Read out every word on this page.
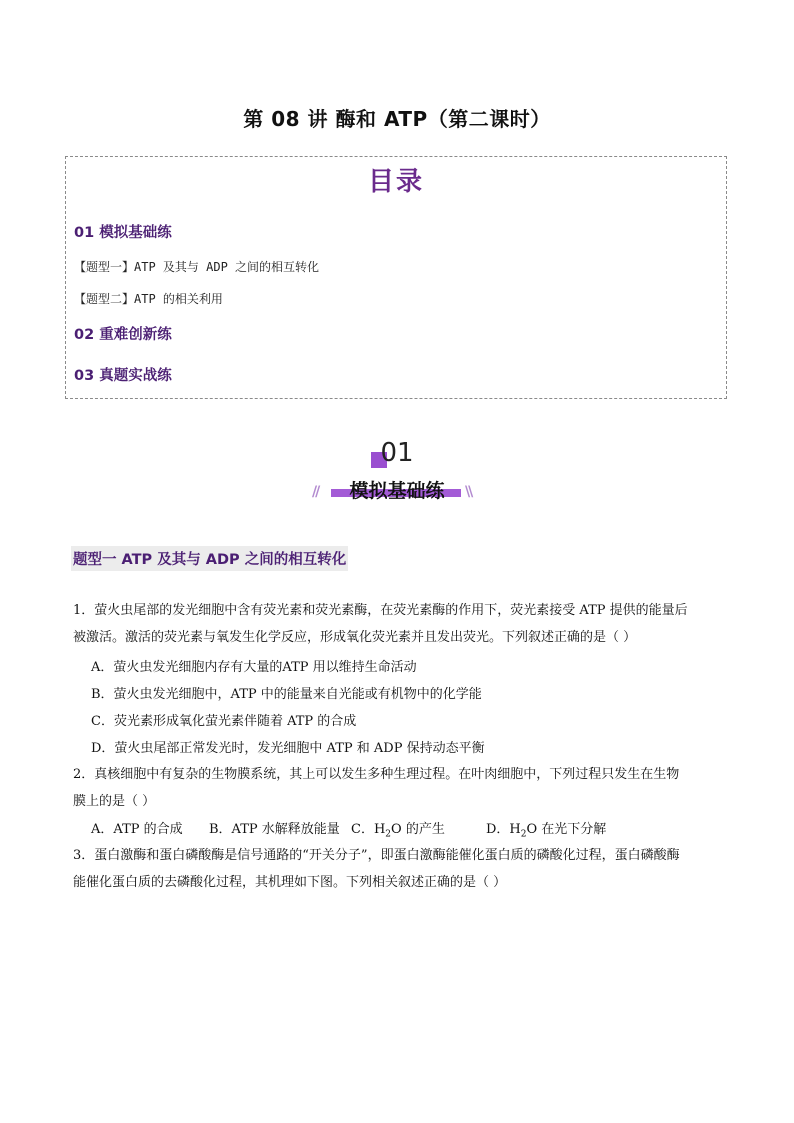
第 08 讲 酶和 ATP（第二课时）
目录
01 模拟基础练
【题型一】ATP 及其与 ADP 之间的相互转化
【题型二】ATP 的相关利用
02 重难创新练
03 真题实战练
01
模拟基础练
//	\\
题型一 ATP 及其与 ADP 之间的相互转化
1．萤火虫尾部的发光细胞中含有荧光素和荧光素酶，在荧光素酶的作用下，荧光素接受 ATP 提供的能量后
被激活。激活的荧光素与氧发生化学反应，形成氧化荧光素并且发出荧光。下列叙述正确的是（ ）
A．萤火虫发光细胞内存有大量的ATP 用以维持生命活动
B．萤火虫发光细胞中，ATP 中的能量来自光能或有机物中的化学能
C．荧光素形成氧化萤光素伴随着 ATP 的合成
D．萤火虫尾部正常发光时，发光细胞中 ATP 和 ADP 保持动态平衡
2．真核细胞中有复杂的生物膜系统，其上可以发生多种生理过程。在叶肉细胞中，下列过程只发生在生物
膜上的是（ ）
A．ATP 的合成 B．ATP 水解释放能量 C．$H_2O$ 的产生	D．$H_2O$ 在光下分解
3．蛋白激酶和蛋白磷酸酶是信号通路的“开关分子”，即蛋白激酶能催化蛋白质的磷酸化过程，蛋白磷酸酶
能催化蛋白质的去磷酸化过程，其机理如下图。下列相关叙述正确的是（ ）
